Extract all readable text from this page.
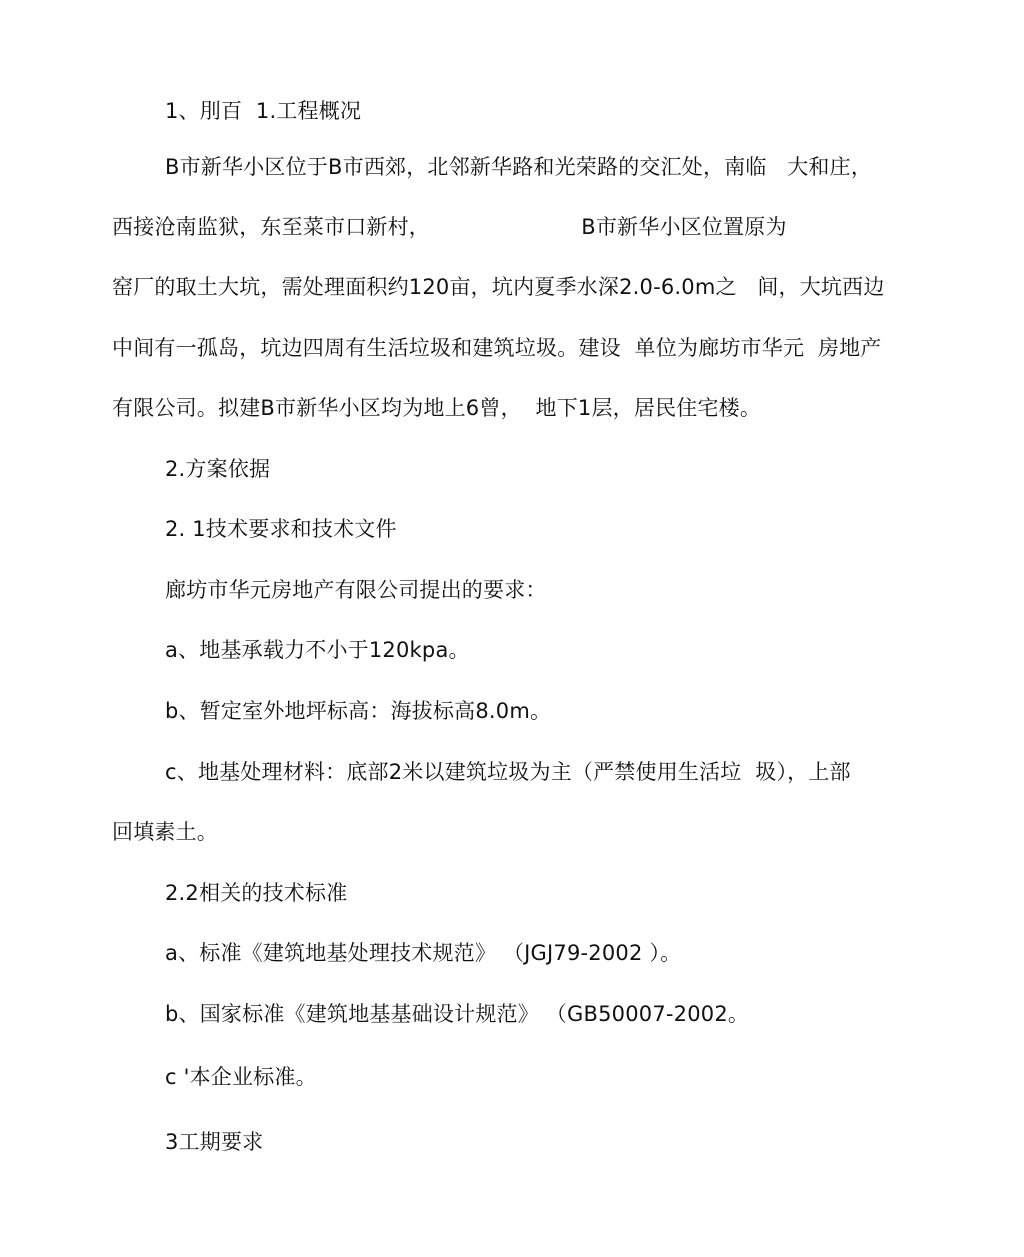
1、刖百  1.工程概况

B市新华小区位于B市西郊，北邻新华路和光荣路的交汇处，南临   大和庄，

西接沧南监狱，东至菜市口新村，                      B市新华小区位置原为

窑厂的取土大坑，需处理面积约120亩，坑内夏季水深2.0-6.0m之   间，大坑西边

中间有一孤岛，坑边四周有生活垃圾和建筑垃圾。建设  单位为廊坊市华元  房地产

有限公司。拟建B市新华小区均为地上6曾，  地下1层，居民住宅楼。

2.方案依据

2. 1技术要求和技术文件

廊坊市华元房地产有限公司提出的要求：

a、地基承载力不小于120kpa。

b、暂定室外地坪标高：海拔标高8.0m。

c、地基处理材料：底部2米以建筑垃圾为主（严禁使用生活垃  圾），上部

回填素土。

2.2相关的技术标准

a、标准《建筑地基处理技术规范》 （JGJ79-2002 ）。

b、国家标准《建筑地基基础设计规范》 （GB50007-2002。

c '本企业标准。

3工期要求
